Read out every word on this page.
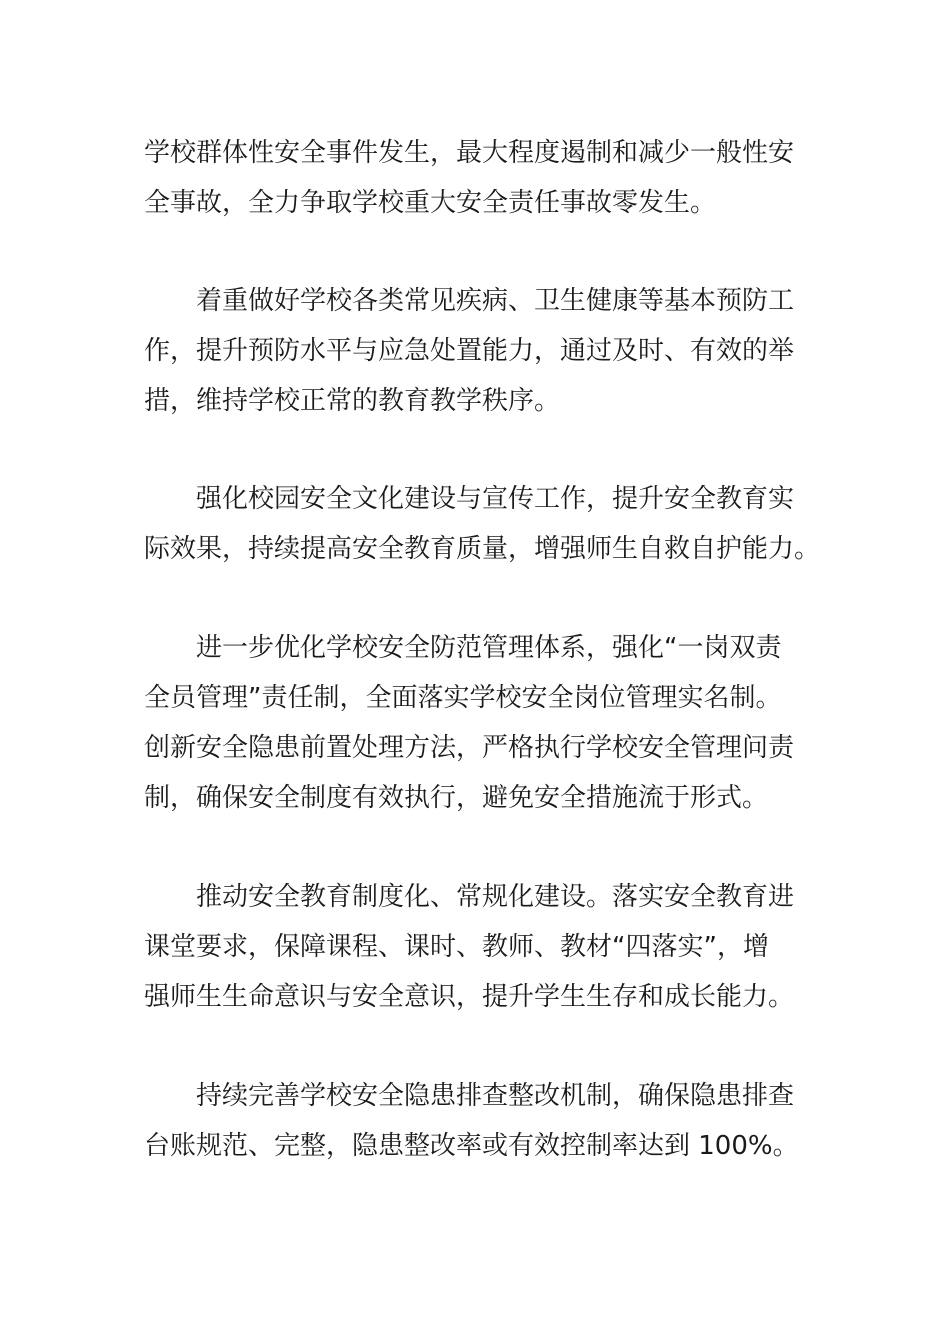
学校群体性安全事件发生，最大程度遏制和减少一般性安
全事故，全力争取学校重大安全责任事故零发生。

着重做好学校各类常见疾病、卫生健康等基本预防工
作，提升预防水平与应急处置能力，通过及时、有效的举
措，维持学校正常的教育教学秩序。

强化校园安全文化建设与宣传工作，提升安全教育实
际效果，持续提高安全教育质量，增强师生自救自护能力。

进一步优化学校安全防范管理体系，强化“一岗双责
全员管理”责任制，全面落实学校安全岗位管理实名制。
创新安全隐患前置处理方法，严格执行学校安全管理问责
制，确保安全制度有效执行，避免安全措施流于形式。

推动安全教育制度化、常规化建设。落实安全教育进
课堂要求，保障课程、课时、教师、教材“四落实”，增
强师生生命意识与安全意识，提升学生生存和成长能力。

持续完善学校安全隐患排查整改机制，确保隐患排查
台账规范、完整，隐患整改率或有效控制率达到 100%。
